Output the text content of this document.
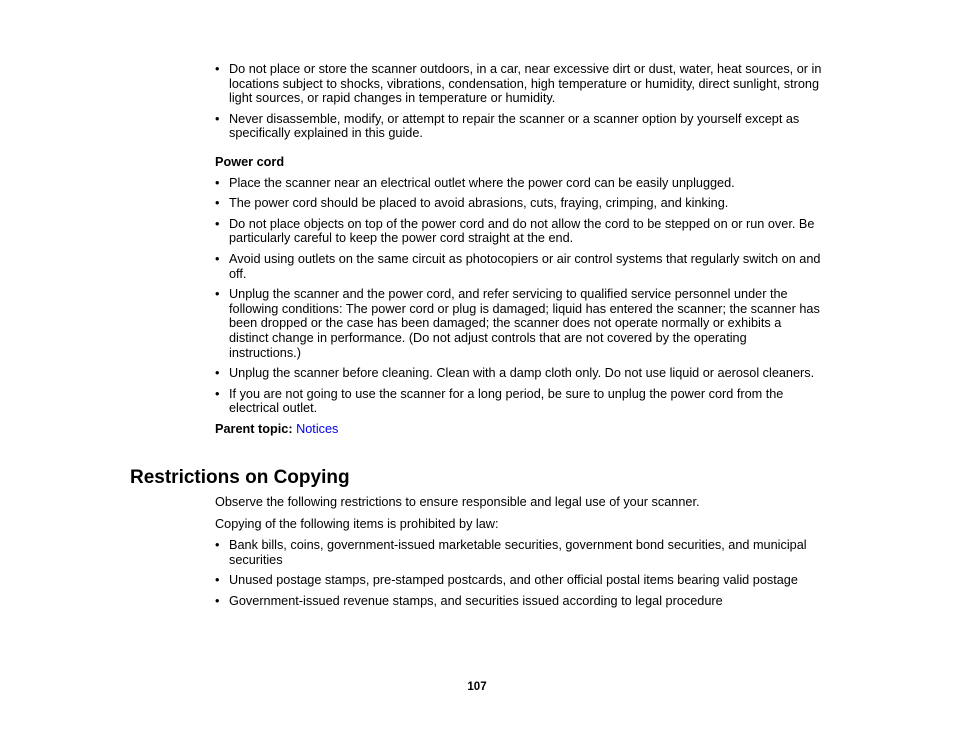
• Do not place or store the scanner outdoors, in a car, near excessive dirt or dust, water, heat sources, or in locations subject to shocks, vibrations, condensation, high temperature or humidity, direct sunlight, strong light sources, or rapid changes in temperature or humidity.
• Never disassemble, modify, or attempt to repair the scanner or a scanner option by yourself except as specifically explained in this guide.

Power cord

• Place the scanner near an electrical outlet where the power cord can be easily unplugged.
• The power cord should be placed to avoid abrasions, cuts, fraying, crimping, and kinking.
• Do not place objects on top of the power cord and do not allow the cord to be stepped on or run over. Be particularly careful to keep the power cord straight at the end.
• Avoid using outlets on the same circuit as photocopiers or air control systems that regularly switch on and off.
• Unplug the scanner and the power cord, and refer servicing to qualified service personnel under the following conditions: The power cord or plug is damaged; liquid has entered the scanner; the scanner has been dropped or the case has been damaged; the scanner does not operate normally or exhibits a distinct change in performance. (Do not adjust controls that are not covered by the operating instructions.)
• Unplug the scanner before cleaning. Clean with a damp cloth only. Do not use liquid or aerosol cleaners.
• If you are not going to use the scanner for a long period, be sure to unplug the power cord from the electrical outlet.

Parent topic: Notices

Restrictions on Copying

Observe the following restrictions to ensure responsible and legal use of your scanner.

Copying of the following items is prohibited by law:

• Bank bills, coins, government-issued marketable securities, government bond securities, and municipal securities
• Unused postage stamps, pre-stamped postcards, and other official postal items bearing valid postage
• Government-issued revenue stamps, and securities issued according to legal procedure
107
